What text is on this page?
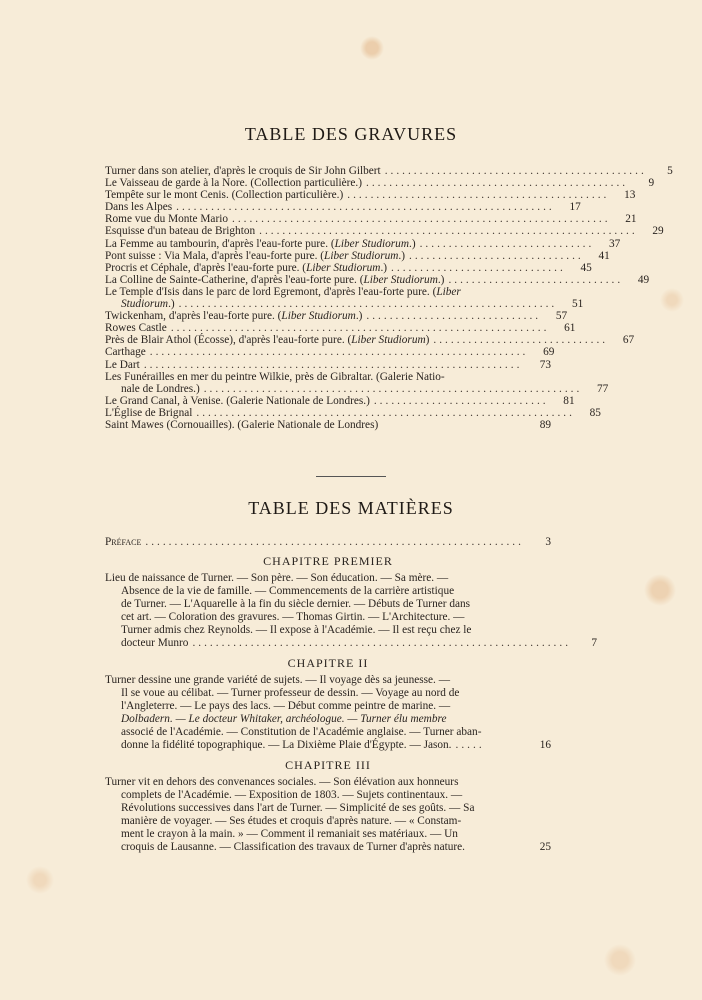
TABLE DES GRAVURES
Turner dans son atelier, d'après le croquis de Sir John Gilbert .............................................	5
Le Vaisseau de garde à la Nore. (Collection particulière.) .............................................	9
Tempête sur le mont Cenis. (Collection particulière.) .............................................	13
Dans les Alpes .................................................................	17
Rome vue du Monte Mario .................................................................	21
Esquisse d'un bateau de Brighton .................................................................	29
La Femme au tambourin, d'après l'eau-forte pure. (Liber Studiorum.) ..............................	37
Pont suisse : Via Mala, d'après l'eau-forte pure. (Liber Studiorum.) ..............................	41
Procris et Céphale, d'après l'eau-forte pure. (Liber Studiorum.) ..............................	45
La Colline de Sainte-Catherine, d'après l'eau-forte pure. (Liber Studiorum.) ..............................	49
Le Temple d'Isis dans le parc de lord Egremont, d'après l'eau-forte pure. (Liber
Studiorum.) .................................................................	51
Twickenham, d'après l'eau-forte pure. (Liber Studiorum.) ..............................	57
Rowes Castle .................................................................	61
Près de Blair Athol (Écosse), d'après l'eau-forte pure. (Liber Studiorum) ..............................	67
Carthage .................................................................	69
Le Dart .................................................................	73
Les Funérailles en mer du peintre Wilkie, près de Gibraltar. (Galerie Natio-
nale de Londres.) .................................................................	77
Le Grand Canal, à Venise. (Galerie Nationale de Londres.) ..............................	81
L'Église de Brignal .................................................................	85
Saint Mawes (Cornouailles). (Galerie Nationale de Londres)	89
TABLE DES MATIÈRES
Préface .................................................................	3
CHAPITRE PREMIER
Lieu de naissance de Turner. — Son père. — Son éducation. — Sa mère. —
Absence de la vie de famille. — Commencements de la carrière artistique
de Turner. — L'Aquarelle à la fin du siècle dernier. — Débuts de Turner dans
cet art. — Coloration des gravures. — Thomas Girtin. — L'Architecture. —
Turner admis chez Reynolds. — Il expose à l'Académie. — Il est reçu chez le
docteur Munro .................................................................	7
CHAPITRE II
Turner dessine une grande variété de sujets. — Il voyage dès sa jeunesse. —
Il se voue au célibat. — Turner professeur de dessin. — Voyage au nord de
l'Angleterre. — Le pays des lacs. — Début comme peintre de marine. —
Dolbadern. — Le docteur Whitaker, archéologue. — Turner élu membre
associé de l'Académie. — Constitution de l'Académie anglaise. — Turner aban-
donne la fidélité topographique. — La Dixième Plaie d'Égypte. — Jason. .....	16
CHAPITRE III
Turner vit en dehors des convenances sociales. — Son élévation aux honneurs
complets de l'Académie. — Exposition de 1803. — Sujets continentaux. —
Révolutions successives dans l'art de Turner. — Simplicité de ses goûts. — Sa
manière de voyager. — Ses études et croquis d'après nature. — « Constam-
ment le crayon à la main. » — Comment il remaniait ses matériaux. — Un
croquis de Lausanne. — Classification des travaux de Turner d'après nature.	25
